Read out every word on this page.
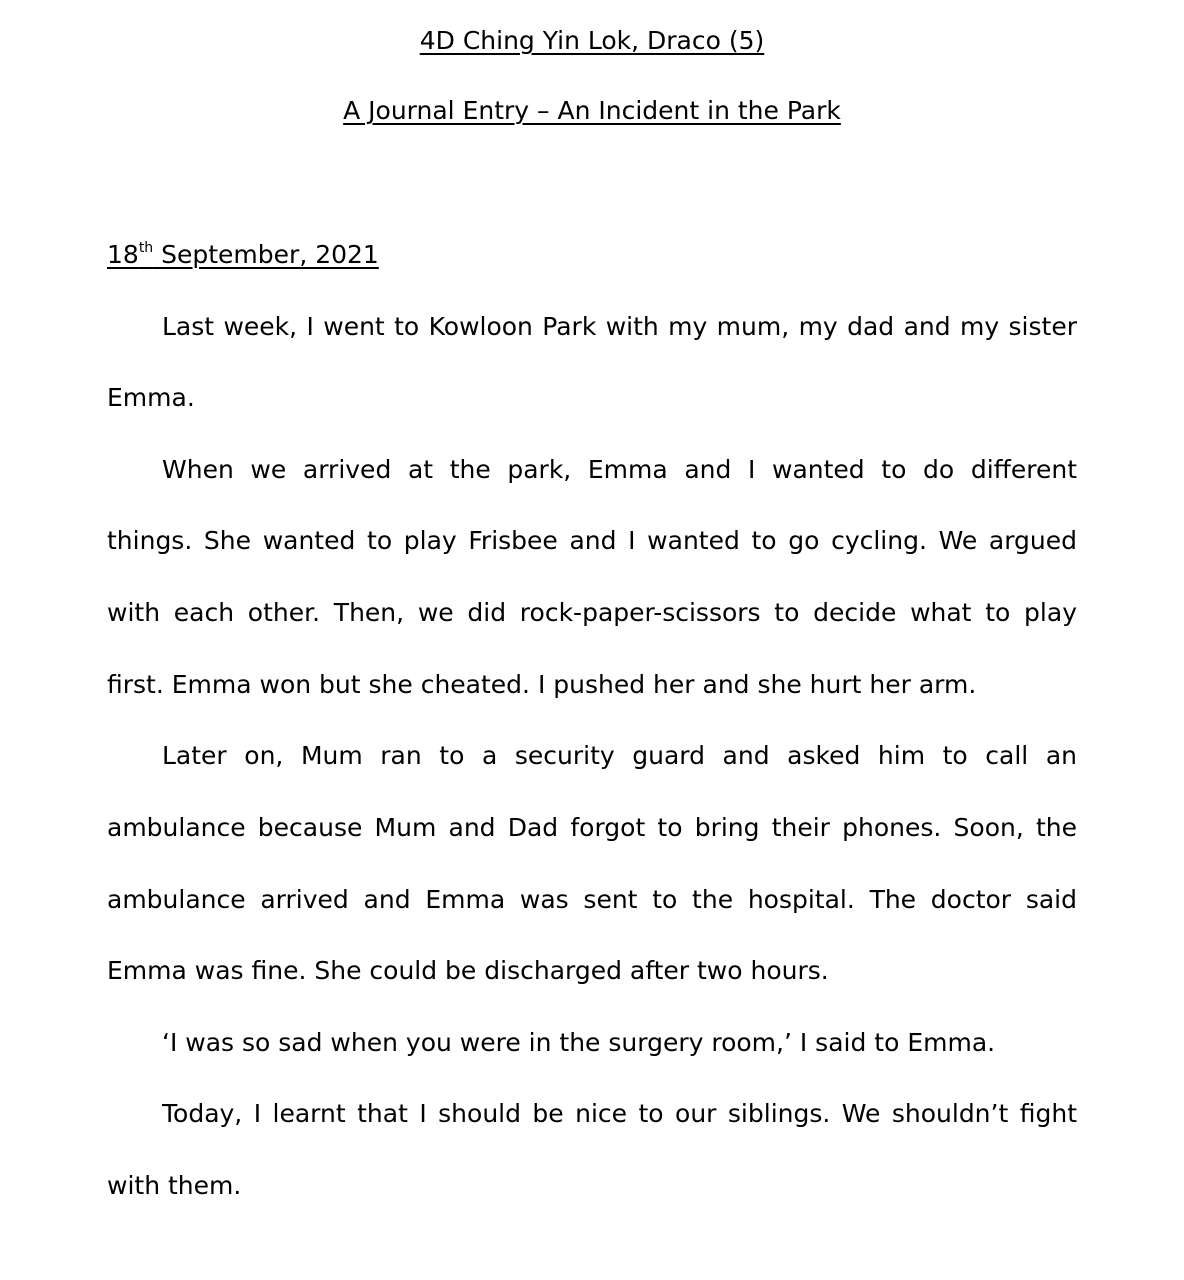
4D Ching Yin Lok, Draco (5)
A Journal Entry – An Incident in the Park
18th September, 2021
Last week, I went to Kowloon Park with my mum, my dad and my sister
Emma.
When we arrived at the park, Emma and I wanted to do different
things. She wanted to play Frisbee and I wanted to go cycling. We argued
with each other. Then, we did rock-paper-scissors to decide what to play
first. Emma won but she cheated. I pushed her and she hurt her arm.
Later on, Mum ran to a security guard and asked him to call an
ambulance because Mum and Dad forgot to bring their phones. Soon, the
ambulance arrived and Emma was sent to the hospital. The doctor said
Emma was fine. She could be discharged after two hours.
‘I was so sad when you were in the surgery room,’ I said to Emma.
Today, I learnt that I should be nice to our siblings. We shouldn’t fight
with them.
